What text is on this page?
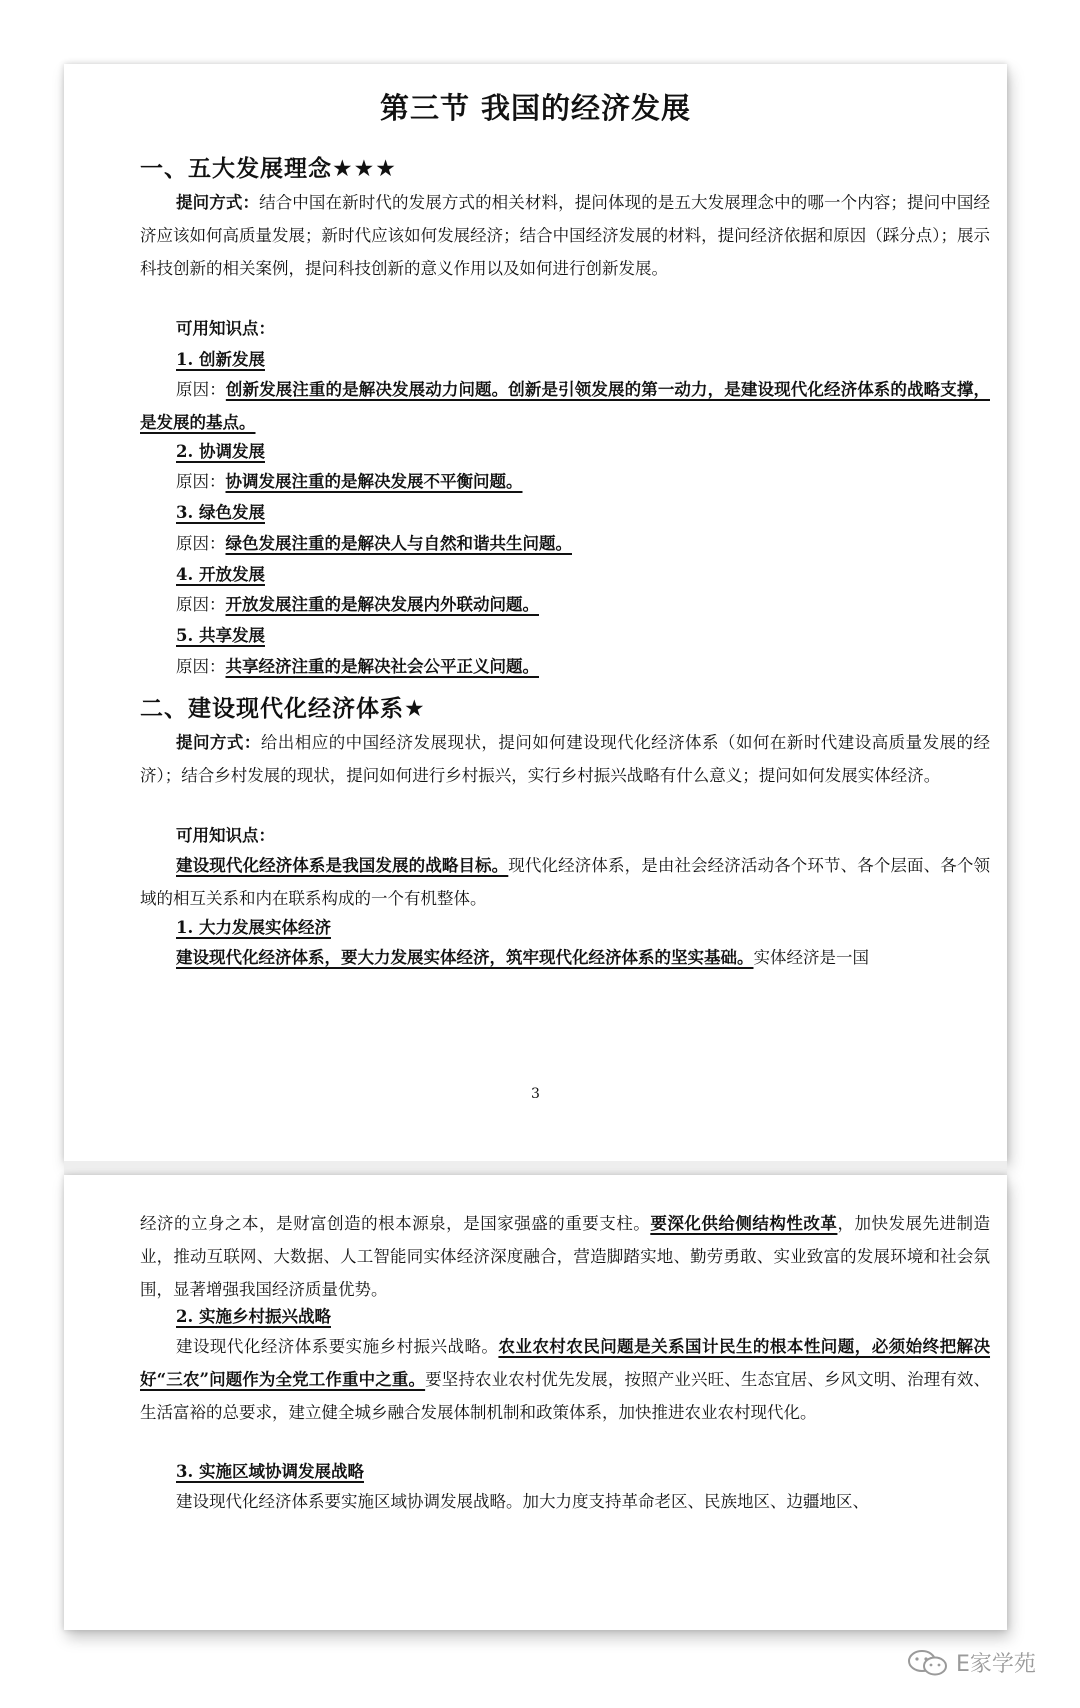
第三节 我国的经济发展
一、五大发展理念★★★
提问方式：结合中国在新时代的发展方式的相关材料，提问体现的是五大发展理念中的哪一个内容；提问中国经济应该如何高质量发展；新时代应该如何发展经济；结合中国经济发展的材料，提问经济依据和原因（踩分点）；展示科技创新的相关案例，提问科技创新的意义作用以及如何进行创新发展。
可用知识点：
1. 创新发展
原因：创新发展注重的是解决发展动力问题。创新是引领发展的第一动力，是建设现代化经济体系的战略支撑，是发展的基点。
2. 协调发展
原因：协调发展注重的是解决发展不平衡问题。
3. 绿色发展
原因：绿色发展注重的是解决人与自然和谐共生问题。
4. 开放发展
原因：开放发展注重的是解决发展内外联动问题。
5. 共享发展
原因：共享经济注重的是解决社会公平正义问题。
二、建设现代化经济体系★
提问方式：给出相应的中国经济发展现状，提问如何建设现代化经济体系（如何在新时代建设高质量发展的经济）；结合乡村发展的现状，提问如何进行乡村振兴，实行乡村振兴战略有什么意义；提问如何发展实体经济。
可用知识点：
建设现代化经济体系是我国发展的战略目标。现代化经济体系，是由社会经济活动各个环节、各个层面、各个领域的相互关系和内在联系构成的一个有机整体。
1. 大力发展实体经济
建设现代化经济体系，要大力发展实体经济，筑牢现代化经济体系的坚实基础。实体经济是一国
3
经济的立身之本，是财富创造的根本源泉，是国家强盛的重要支柱。要深化供给侧结构性改革，加快发展先进制造业，推动互联网、大数据、人工智能同实体经济深度融合，营造脚踏实地、勤劳勇敢、实业致富的发展环境和社会氛围，显著增强我国经济质量优势。
2. 实施乡村振兴战略
建设现代化经济体系要实施乡村振兴战略。农业农村农民问题是关系国计民生的根本性问题，必须始终把解决好“三农”问题作为全党工作重中之重。要坚持农业农村优先发展，按照产业兴旺、生态宜居、乡风文明、治理有效、生活富裕的总要求，建立健全城乡融合发展体制机制和政策体系，加快推进农业农村现代化。
3. 实施区域协调发展战略
建设现代化经济体系要实施区域协调发展战略。加大力度支持革命老区、民族地区、边疆地区、
E家学苑
